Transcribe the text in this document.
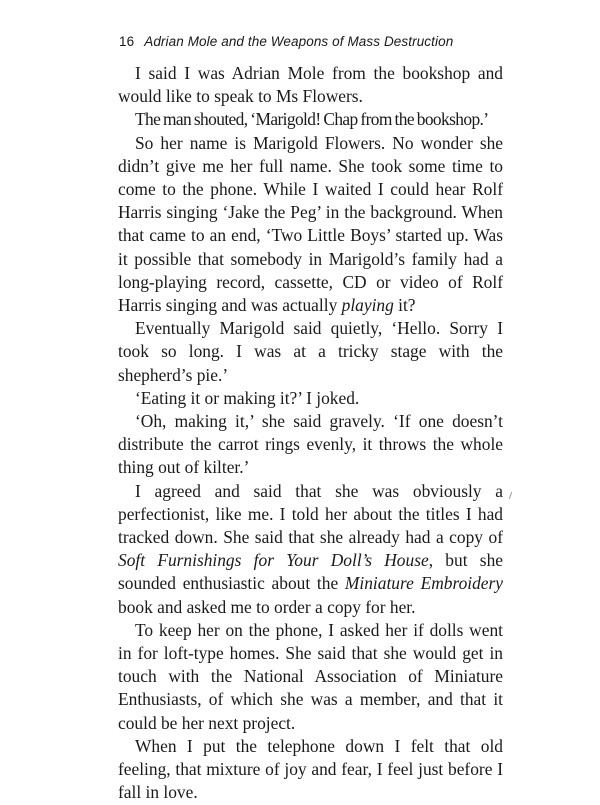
16 Adrian Mole and the Weapons of Mass Destruction

I said I was Adrian Mole from the bookshop and would like to speak to Ms Flowers.

The man shouted, ‘Marigold! Chap from the bookshop.’

So her name is Marigold Flowers. No wonder she didn’t give me her full name. She took some time to come to the phone. While I waited I could hear Rolf Harris singing ‘Jake the Peg’ in the background. When that came to an end, ‘Two Little Boys’ started up. Was it possible that somebody in Marigold’s family had a long-playing record, cassette, CD or video of Rolf Harris singing and was actually playing it?

Eventually Marigold said quietly, ‘Hello. Sorry I took so long. I was at a tricky stage with the shepherd’s pie.’

‘Eating it or making it?’ I joked.

‘Oh, making it,’ she said gravely. ‘If one doesn’t distribute the carrot rings evenly, it throws the whole thing out of kilter.’

I agreed and said that she was obviously a perfectionist, like me. I told her about the titles I had tracked down. She said that she already had a copy of Soft Furnishings for Your Doll’s House, but she sounded enthusiastic about the Miniature Embroidery book and asked me to order a copy for her.

To keep her on the phone, I asked her if dolls went in for loft-type homes. She said that she would get in touch with the National Association of Miniature Enthusiasts, of which she was a member, and that it could be her next project.

When I put the telephone down I felt that old feeling, that mixture of joy and fear, I feel just before I fall in love.
